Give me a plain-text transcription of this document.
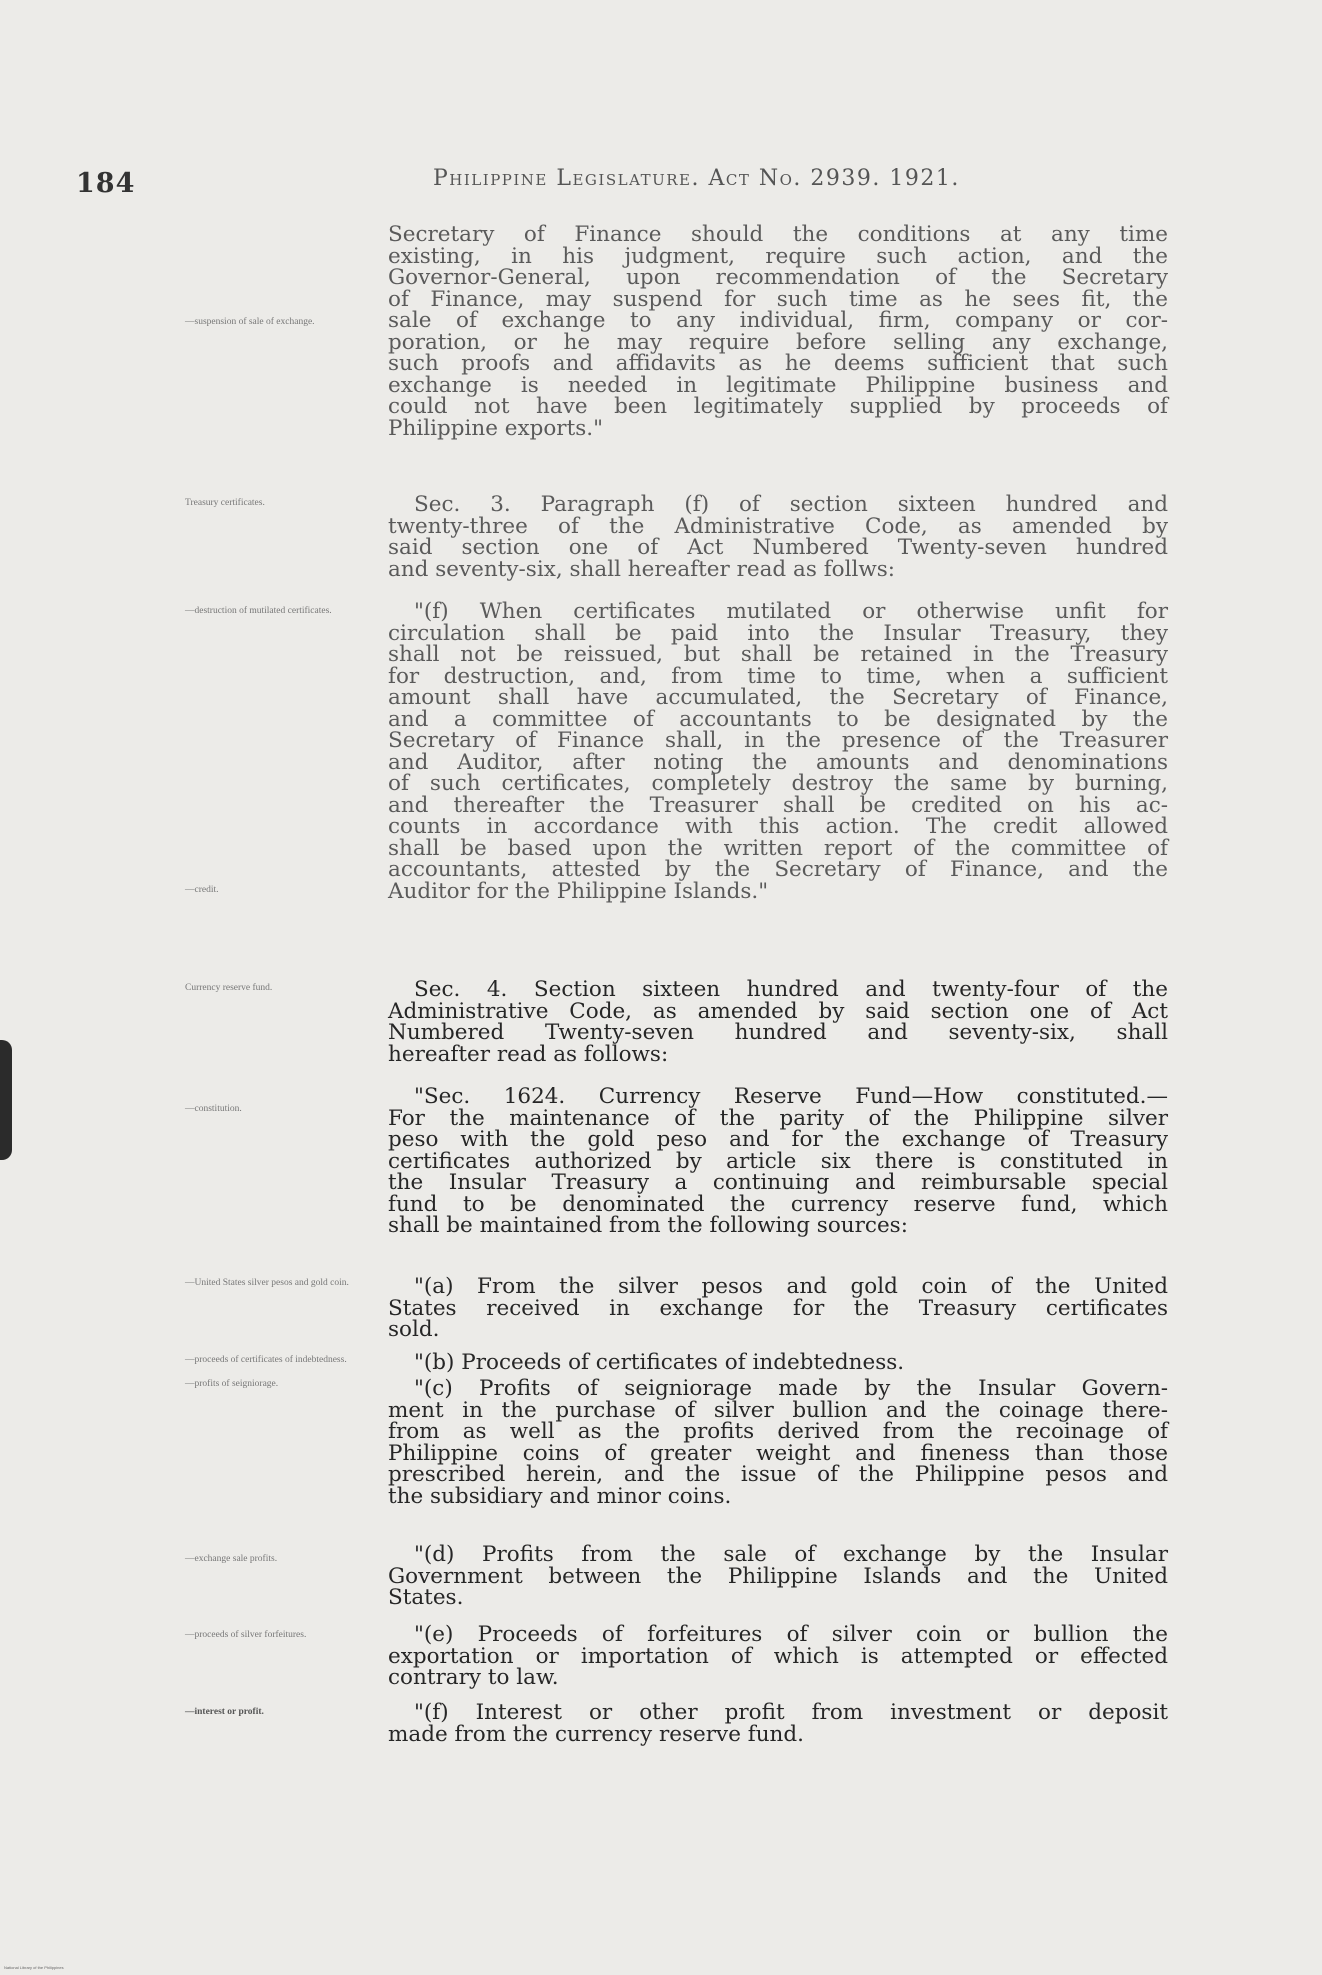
184	Philippine Legislature. Act No. 2939. 1921.
—suspension of sale of exchange.
Treasury certificates.
—destruction of mutilated certificates.
—credit.
Currency reserve fund.
—constitution.
—United States silver pesos and gold coin.
—proceeds of certificates of indebtedness.
—profits of seigniorage.
—exchange sale profits.
—proceeds of silver forfeitures.
—interest or profit.
Secretary of Finance should the conditions at any time
existing, in his judgment, require such action, and the
Governor-General, upon recommendation of the Secretary
of Finance, may suspend for such time as he sees fit, the
sale of exchange to any individual, firm, company or cor-
poration, or he may require before selling any exchange,
such proofs and affidavits as he deems sufficient that such
exchange is needed in legitimate Philippine business and
could not have been legitimately supplied by proceeds of
Philippine exports."
Sec. 3. Paragraph (f) of section sixteen hundred and
twenty-three of the Administrative Code, as amended by
said section one of Act Numbered Twenty-seven hundred
and seventy-six, shall hereafter read as follws:
"(f) When certificates mutilated or otherwise unfit for
circulation shall be paid into the Insular Treasury, they
shall not be reissued, but shall be retained in the Treasury
for destruction, and, from time to time, when a sufficient
amount shall have accumulated, the Secretary of Finance,
and a committee of accountants to be designated by the
Secretary of Finance shall, in the presence of the Treasurer
and Auditor, after noting the amounts and denominations
of such certificates, completely destroy the same by burning,
and thereafter the Treasurer shall be credited on his ac-
counts in accordance with this action. The credit allowed
shall be based upon the written report of the committee of
accountants, attested by the Secretary of Finance, and the
Auditor for the Philippine Islands."
Sec. 4. Section sixteen hundred and twenty-four of the
Administrative Code, as amended by said section one of Act
Numbered Twenty-seven hundred and seventy-six, shall
hereafter read as follows:
"Sec. 1624. Currency Reserve Fund—How constituted.—
For the maintenance of the parity of the Philippine silver
peso with the gold peso and for the exchange of Treasury
certificates authorized by article six there is constituted in
the Insular Treasury a continuing and reimbursable special
fund to be denominated the currency reserve fund, which
shall be maintained from the following sources:
"(a) From the silver pesos and gold coin of the United
States received in exchange for the Treasury certificates
sold.
"(b) Proceeds of certificates of indebtedness.
"(c) Profits of seigniorage made by the Insular Govern-
ment in the purchase of silver bullion and the coinage there-
from as well as the profits derived from the recoinage of
Philippine coins of greater weight and fineness than those
prescribed herein, and the issue of the Philippine pesos and
the subsidiary and minor coins.
"(d) Profits from the sale of exchange by the Insular
Government between the Philippine Islands and the United
States.
"(e) Proceeds of forfeitures of silver coin or bullion the
exportation or importation of which is attempted or effected
contrary to law.
"(f) Interest or other profit from investment or deposit
made from the currency reserve fund.
National Library of the Philippines
